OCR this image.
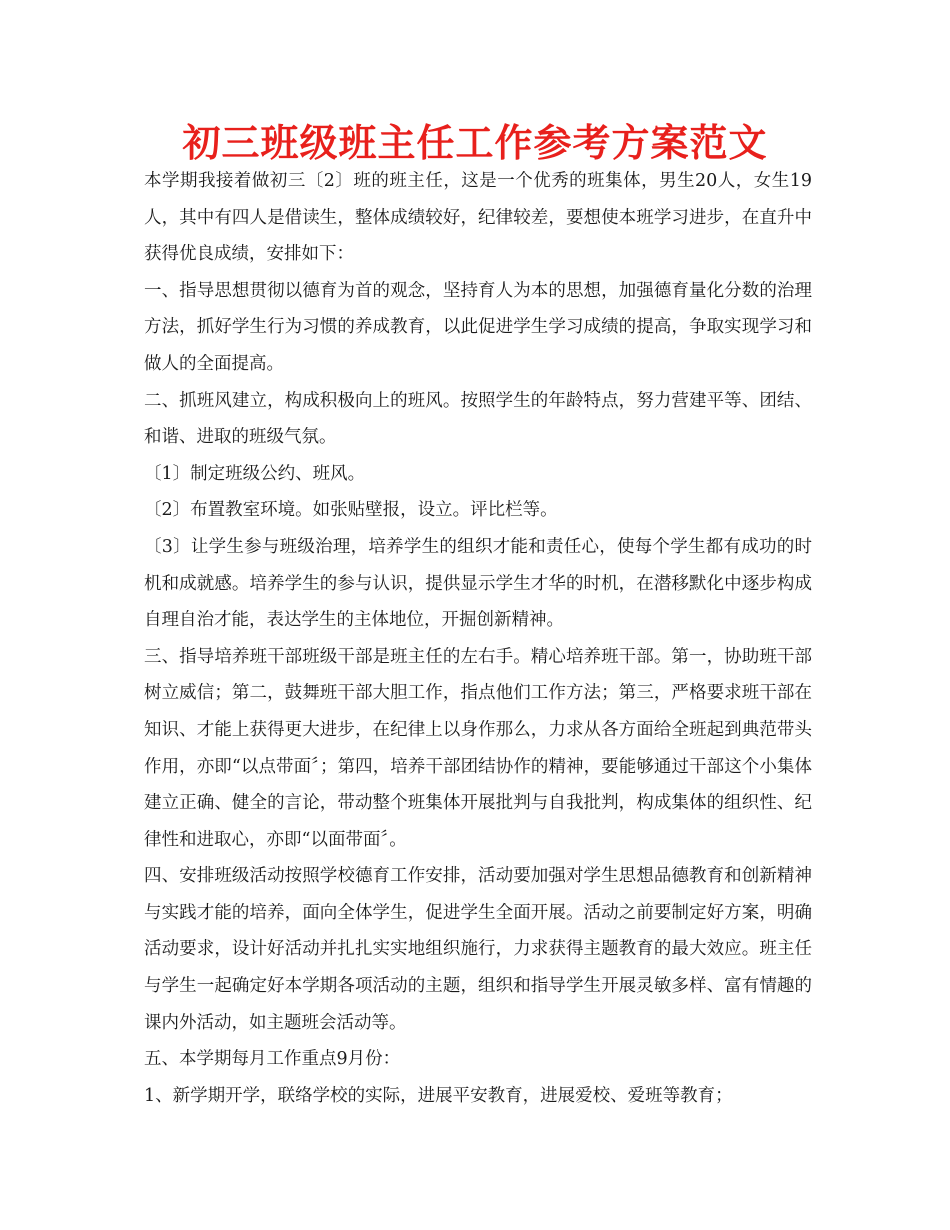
初三班级班主任工作参考方案范文

本学期我接着做初三〔2〕班的班主任，这是一个优秀的班集体，男生20人，女生19人，其中有四人是借读生，整体成绩较好，纪律较差，要想使本班学习进步，在直升中获得优良成绩，安排如下：

一、指导思想贯彻以德育为首的观念，坚持育人为本的思想，加强德育量化分数的治理方法，抓好学生行为习惯的养成教育，以此促进学生学习成绩的提高，争取实现学习和做人的全面提高。

二、抓班风建立，构成积极向上的班风。按照学生的年龄特点，努力营建平等、团结、和谐、进取的班级气氛。

〔1〕制定班级公约、班风。

〔2〕布置教室环境。如张贴壁报，设立。评比栏等。

〔3〕让学生参与班级治理，培养学生的组织才能和责任心，使每个学生都有成功的时机和成就感。培养学生的参与认识，提供显示学生才华的时机，在潜移默化中逐步构成自理自治才能，表达学生的主体地位，开掘创新精神。

三、指导培养班干部班级干部是班主任的左右手。精心培养班干部。第一，协助班干部树立威信；第二，鼓舞班干部大胆工作，指点他们工作方法；第三，严格要求班干部在知识、才能上获得更大进步，在纪律上以身作那么，力求从各方面给全班起到典范带头作用，亦即“以点带面〞；第四，培养干部团结协作的精神，要能够通过干部这个小集体建立正确、健全的言论，带动整个班集体开展批判与自我批判，构成集体的组织性、纪律性和进取心，亦即“以面带面〞。

四、安排班级活动按照学校德育工作安排，活动要加强对学生思想品德教育和创新精神与实践才能的培养，面向全体学生，促进学生全面开展。活动之前要制定好方案，明确活动要求，设计好活动并扎扎实实地组织施行，力求获得主题教育的最大效应。班主任与学生一起确定好本学期各项活动的主题，组织和指导学生开展灵敏多样、富有情趣的课内外活动，如主题班会活动等。

五、本学期每月工作重点9月份：

1、新学期开学，联络学校的实际，进展平安教育，进展爱校、爱班等教育；
